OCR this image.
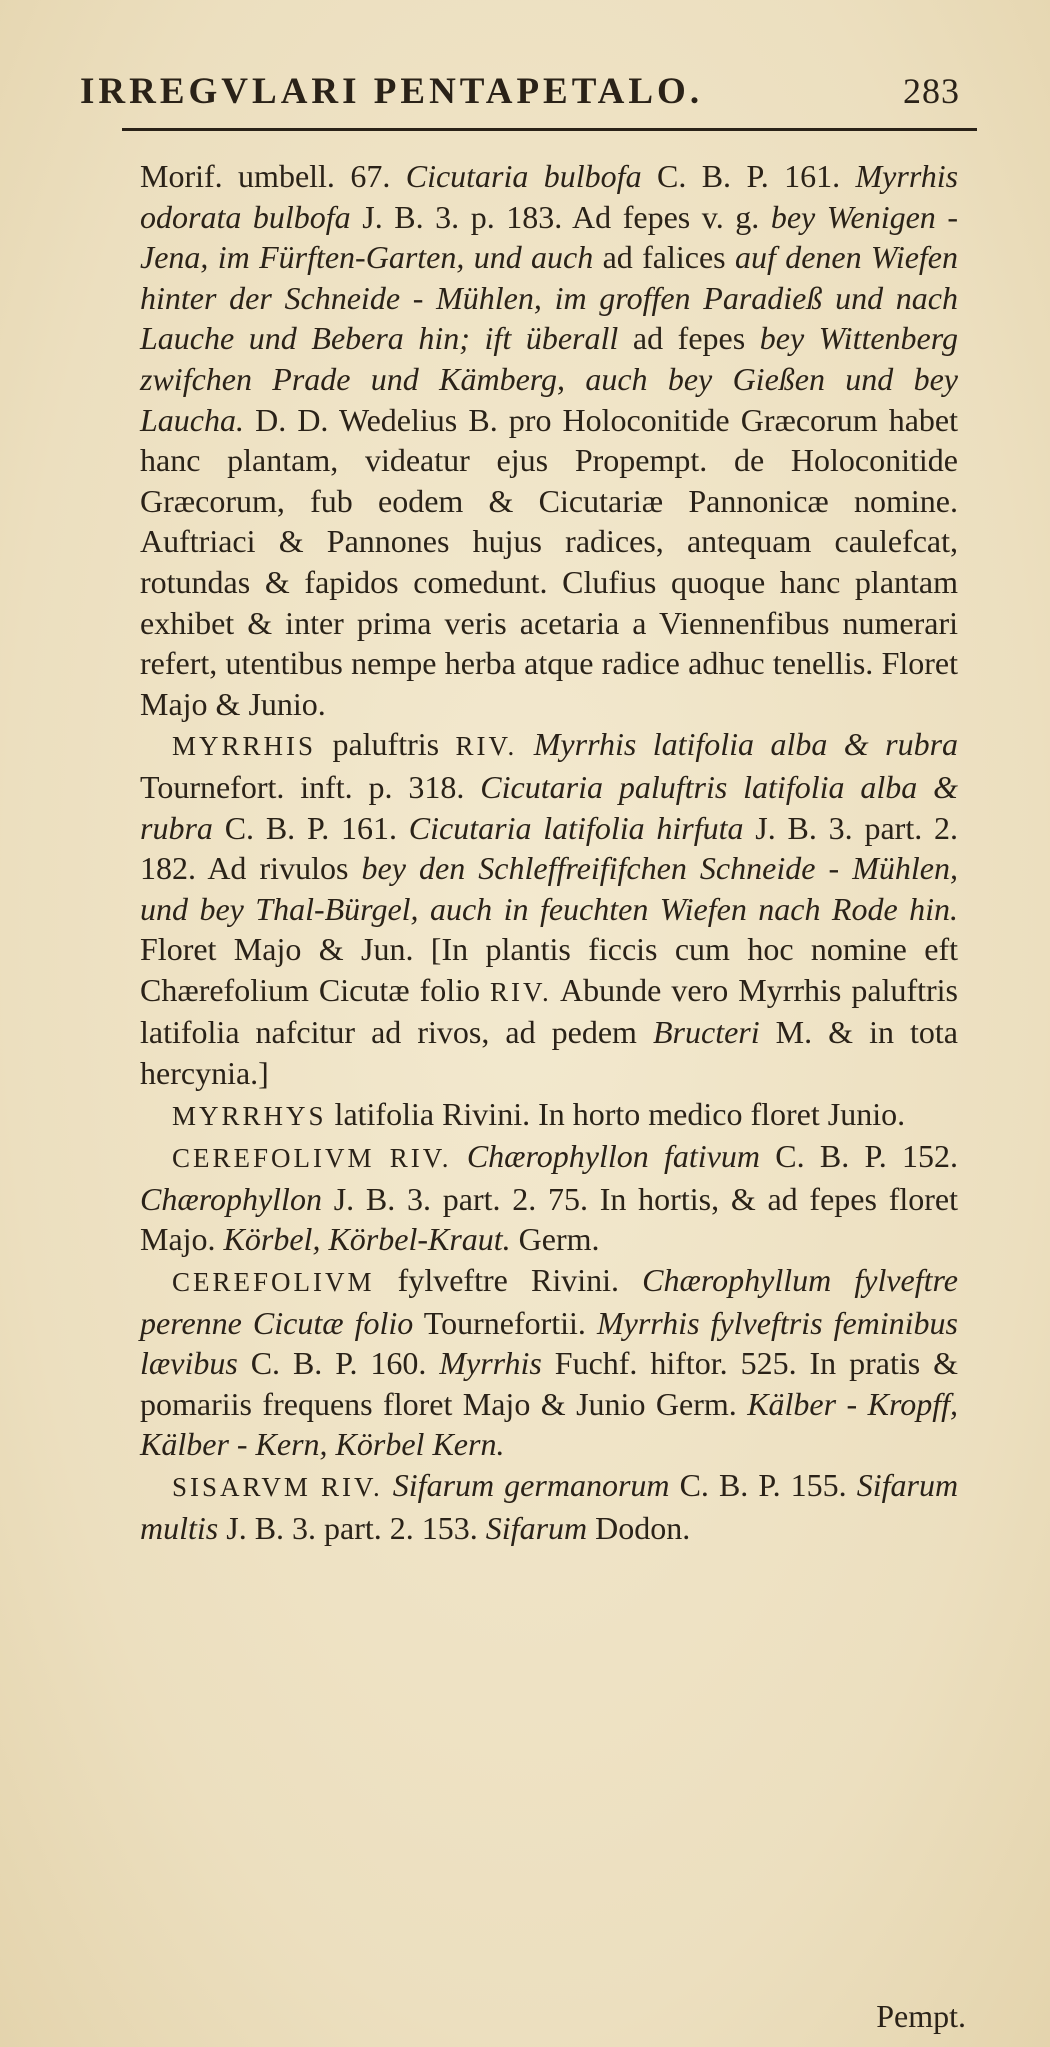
IRREGVLARI PENTAPETALO.	283

Morif. umbell. 67. Cicutaria bulbofa C. B. P. 161. Myrrhis odorata bulbofa J. B. 3. p. 183. Ad fepes v. g. bey Wenigen - Jena, im Fürften-Garten, und auch ad falices auf denen Wiefen hinter der Schneide - Mühlen, im groffen Paradieß und nach Lauche und Bebera hin; ift überall ad fepes bey Wittenberg zwifchen Prade und Kämberg, auch bey Gießen und bey Laucha. D. D. Wedelius B. pro Holoconitide Græcorum habet hanc plantam, videatur ejus Propempt. de Holoconitide Græcorum, fub eodem & Cicutariæ Pannonicæ nomine. Auftriaci & Pannones hujus radices, antequam caulefcat, rotundas & fapidos comedunt. Clufius quoque hanc plantam exhibet & inter prima veris acetaria a Viennenfibus numerari refert, utentibus nempe herba atque radice adhuc tenellis. Floret Majo & Junio.

MYRRHIS paluftris RIV. Myrrhis latifolia alba & rubra Tournefort. inft. p. 318. Cicutaria paluftris latifolia alba & rubra C. B. P. 161. Cicutaria latifolia hirfuta J. B. 3. part. 2. 182. Ad rivulos bey den Schleffreififchen Schneide - Mühlen, und bey Thal-Bürgel, auch in feuchten Wiefen nach Rode hin. Floret Majo & Jun. [In plantis ficcis cum hoc nomine eft Chærefolium Cicutæ folio RIV. Abunde vero Myrrhis paluftris latifolia nafcitur ad rivos, ad pedem Bructeri M. & in tota hercynia.]

MYRRHYS latifolia Rivini. In horto medico floret Junio.

CEREFOLIVM RIV. Chærophyllon fativum C. B. P. 152. Chærophyllon J. B. 3. part. 2. 75. In hortis, & ad fepes floret Majo. Körbel, Körbel-Kraut. Germ.

CEREFOLIVM fylveftre Rivini. Chærophyllum fylveftre perenne Cicutæ folio Tournefortii. Myrrhis fylveftris feminibus lævibus C. B. P. 160. Myrrhis Fuchf. hiftor. 525. In pratis & pomariis frequens floret Majo & Junio Germ. Kälber - Kropff, Kälber - Kern, Körbel Kern.

SISARVM RIV. Sifarum germanorum C. B. P. 155. Sifarum multis J. B. 3. part. 2. 153. Sifarum Dodon.

Pempt.
